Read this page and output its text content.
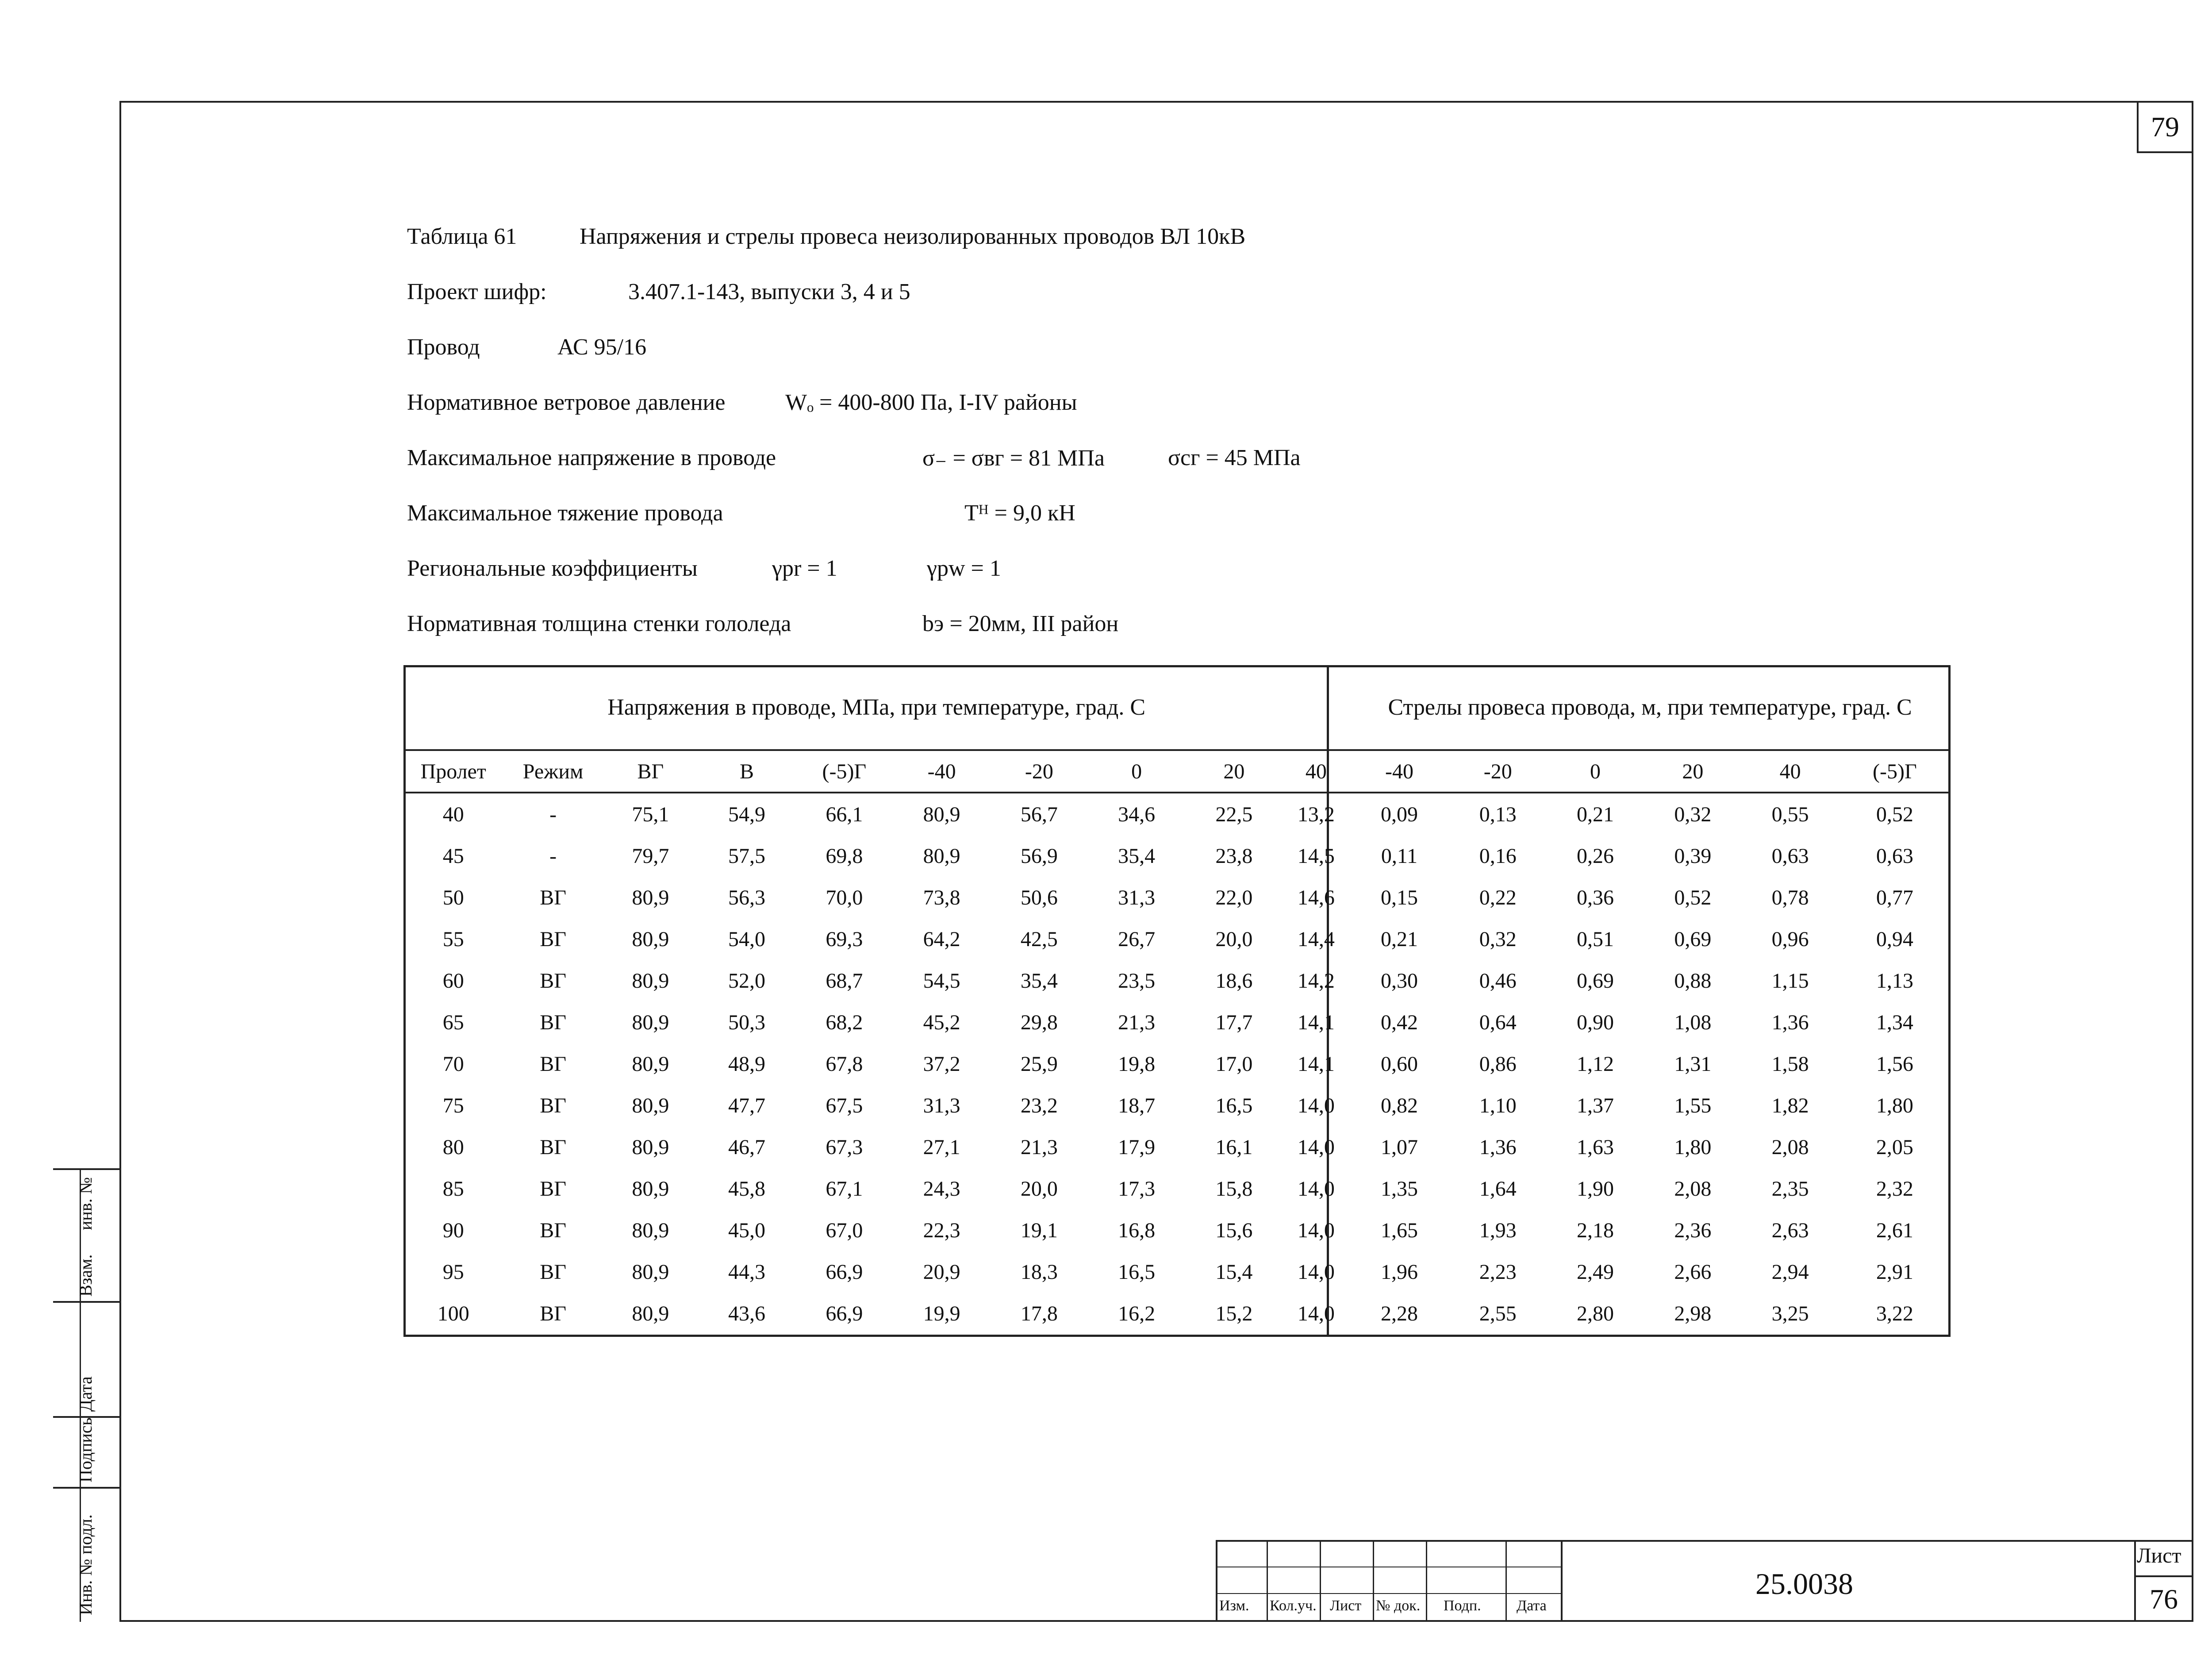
79
Таблица 61	Напряжения и стрелы провеса неизолированных проводов ВЛ 10кВ
Проект шифр:	3.407.1-143, выпуски 3, 4 и 5
Провод	АС 95/16
Нормативное ветровое давление	Wₒ = 400-800 Па, I-IV районы
Максимальное напряжение в проводе	σ₋ = σвг = 81 МПа	σсг = 45 МПа
Максимальное тяжение провода	Тᴴ = 9,0 кН
Региональные коэффициенты	γpr = 1	γpw = 1
Нормативная толщина стенки гололеда	bэ = 20мм, III район
Напряжения в проводе, МПа, при температуре, град. С										Стрелы провеса провода, м, при температуре, град. С					
Пролет	Режим	ВГ	В	(-5)Г	-40	-20	0	20	40	-40	-20	0	20	40	(-5)Г
40	-	75,1	54,9	66,1	80,9	56,7	34,6	22,5	13,2	0,09	0,13	0,21	0,32	0,55	0,52
45	-	79,7	57,5	69,8	80,9	56,9	35,4	23,8	14,5	0,11	0,16	0,26	0,39	0,63	0,63
50	ВГ	80,9	56,3	70,0	73,8	50,6	31,3	22,0	14,6	0,15	0,22	0,36	0,52	0,78	0,77
55	ВГ	80,9	54,0	69,3	64,2	42,5	26,7	20,0	14,4	0,21	0,32	0,51	0,69	0,96	0,94
60	ВГ	80,9	52,0	68,7	54,5	35,4	23,5	18,6	14,2	0,30	0,46	0,69	0,88	1,15	1,13
65	ВГ	80,9	50,3	68,2	45,2	29,8	21,3	17,7	14,1	0,42	0,64	0,90	1,08	1,36	1,34
70	ВГ	80,9	48,9	67,8	37,2	25,9	19,8	17,0	14,1	0,60	0,86	1,12	1,31	1,58	1,56
75	ВГ	80,9	47,7	67,5	31,3	23,2	18,7	16,5	14,0	0,82	1,10	1,37	1,55	1,82	1,80
80	ВГ	80,9	46,7	67,3	27,1	21,3	17,9	16,1	14,0	1,07	1,36	1,63	1,80	2,08	2,05
85	ВГ	80,9	45,8	67,1	24,3	20,0	17,3	15,8	14,0	1,35	1,64	1,90	2,08	2,35	2,32
90	ВГ	80,9	45,0	67,0	22,3	19,1	16,8	15,6	14,0	1,65	1,93	2,18	2,36	2,63	2,61
95	ВГ	80,9	44,3	66,9	20,9	18,3	16,5	15,4	14,0	1,96	2,23	2,49	2,66	2,94	2,91
100	ВГ	80,9	43,6	66,9	19,9	17,8	16,2	15,2	14,0	2,28	2,55	2,80	2,98	3,25	3,22
Изм. Кол.уч. Лист № док. Подп. Дата
25.0038
Лист
76
Инв. № подл.
Подпись
Дата
Взам.
инв. №
